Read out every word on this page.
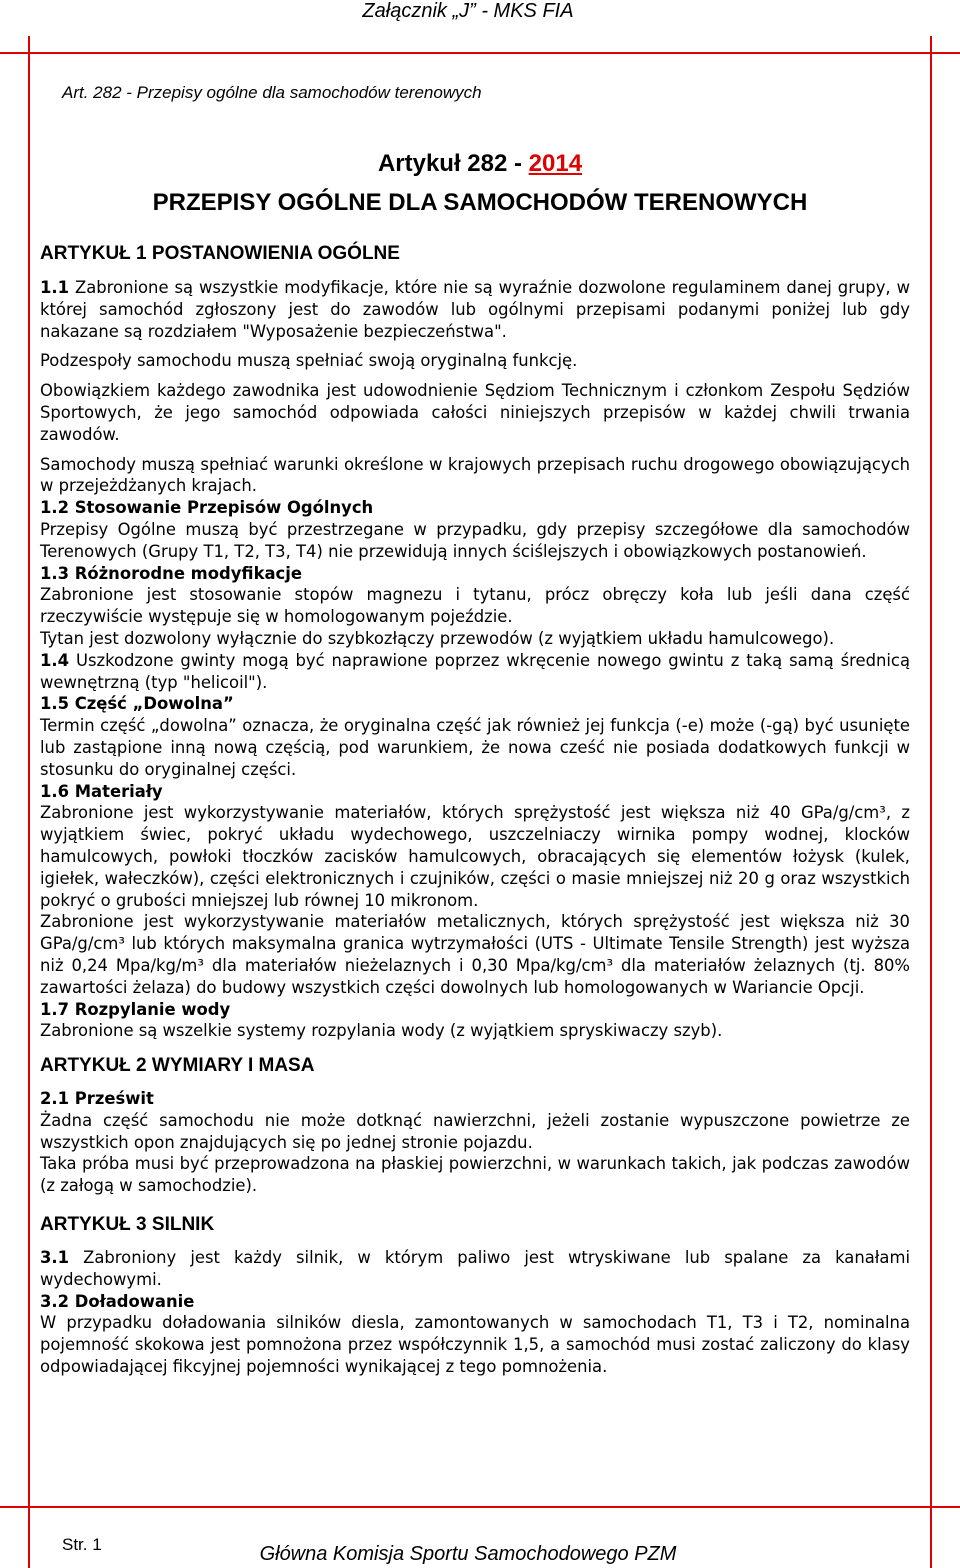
Załącznik „J” - MKS FIA
Art. 282 - Przepisy ogólne dla samochodów terenowych
Artykuł 282 - 2014
PRZEPISY OGÓLNE DLA SAMOCHODÓW TERENOWYCH
ARTYKUŁ 1 POSTANOWIENIA OGÓLNE

1.1 Zabronione są wszystkie modyfikacje, które nie są wyraźnie dozwolone regulaminem danej grupy, w której samochód zgłoszony jest do zawodów lub ogólnymi przepisami podanymi poniżej lub gdy nakazane są rozdziałem "Wyposażenie bezpieczeństwa".

Podzespoły samochodu muszą spełniać swoją oryginalną funkcję.

Obowiązkiem każdego zawodnika jest udowodnienie Sędziom Technicznym i członkom Zespołu Sędziów Sportowych, że jego samochód odpowiada całości niniejszych przepisów w każdej chwili trwania zawodów.

Samochody muszą spełniać warunki określone w krajowych przepisach ruchu drogowego obowiązujących w przejeżdżanych krajach.

1.2 Stosowanie Przepisów Ogólnych

Przepisy Ogólne muszą być przestrzegane w przypadku, gdy przepisy szczegółowe dla samochodów Terenowych (Grupy T1, T2, T3, T4) nie przewidują innych ściślejszych i obowiązkowych postanowień.

1.3 Różnorodne modyfikacje

Zabronione jest stosowanie stopów magnezu i tytanu, prócz obręczy koła lub jeśli dana część rzeczywiście występuje się w homologowanym pojeździe.

Tytan jest dozwolony wyłącznie do szybkozłączy przewodów (z wyjątkiem układu hamulcowego).

1.4 Uszkodzone gwinty mogą być naprawione poprzez wkręcenie nowego gwintu z taką samą średnicą wewnętrzną (typ "helicoil").

1.5 Część „Dowolna”

Termin część „dowolna” oznacza, że oryginalna część jak również jej funkcja (-e) może (-gą) być usunięte lub zastąpione inną nową częścią, pod warunkiem, że nowa cześć nie posiada dodatkowych funkcji w stosunku do oryginalnej części.

1.6 Materiały

Zabronione jest wykorzystywanie materiałów, których sprężystość jest większa niż 40 GPa/g/cm³, z wyjątkiem świec, pokryć układu wydechowego, uszczelniaczy wirnika pompy wodnej, klocków hamulcowych, powłoki tłoczków zacisków hamulcowych, obracających się elementów łożysk (kulek, igiełek, wałeczków), części elektronicznych i czujników, części o masie mniejszej niż 20 g oraz wszystkich pokryć o grubości mniejszej lub równej 10 mikronom.

Zabronione jest wykorzystywanie materiałów metalicznych, których sprężystość jest większa niż 30 GPa/g/cm³ lub których maksymalna granica wytrzymałości (UTS - Ultimate Tensile Strength) jest wyższa niż 0,24 Mpa/kg/m³ dla materiałów nieżelaznych i 0,30 Mpa/kg/cm³ dla materiałów żelaznych (tj. 80% zawartości żelaza) do budowy wszystkich części dowolnych lub homologowanych w Wariancie Opcji.

1.7 Rozpylanie wody

Zabronione są wszelkie systemy rozpylania wody (z wyjątkiem spryskiwaczy szyb).

ARTYKUŁ 2 WYMIARY I MASA

2.1 Prześwit

Żadna część samochodu nie może dotknąć nawierzchni, jeżeli zostanie wypuszczone powietrze ze wszystkich opon znajdujących się po jednej stronie pojazdu.

Taka próba musi być przeprowadzona na płaskiej powierzchni, w warunkach takich, jak podczas zawodów (z załogą w samochodzie).

ARTYKUŁ 3 SILNIK

3.1 Zabroniony jest każdy silnik, w którym paliwo jest wtryskiwane lub spalane za kanałami wydechowymi.

3.2 Doładowanie

W przypadku doładowania silników diesla, zamontowanych w samochodach T1, T3 i T2, nominalna pojemność skokowa jest pomnożona przez współczynnik 1,5, a samochód musi zostać zaliczony do klasy odpowiadającej fikcyjnej pojemności wynikającej z tego pomnożenia.

Str. 1	Główna Komisja Sportu Samochodowego PZM
